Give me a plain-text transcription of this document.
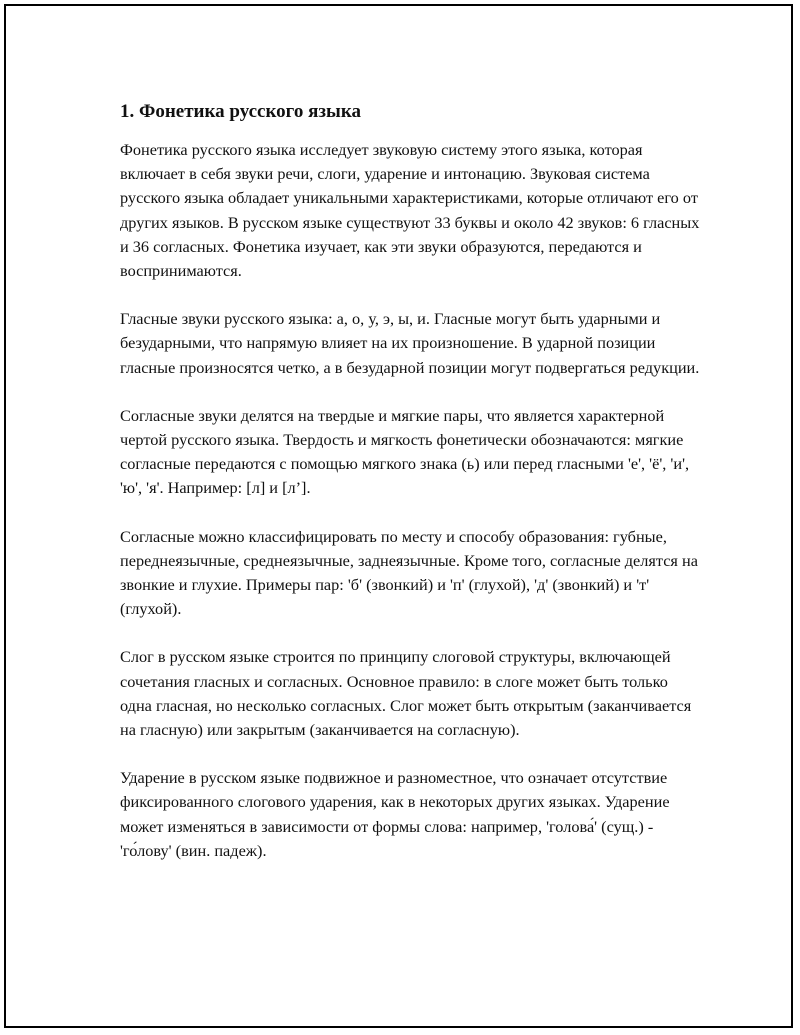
1. Фонетика русского языка

Фонетика русского языка исследует звуковую систему этого языка, которая включает в себя звуки речи, слоги, ударение и интонацию. Звуковая система русского языка обладает уникальными характеристиками, которые отличают его от других языков. В русском языке существуют 33 буквы и около 42 звуков: 6 гласных и 36 согласных. Фонетика изучает, как эти звуки образуются, передаются и воспринимаются.

Гласные звуки русского языка: а, о, у, э, ы, и. Гласные могут быть ударными и безударными, что напрямую влияет на их произношение. В ударной позиции гласные произносятся четко, а в безударной позиции могут подвергаться редукции.

Согласные звуки делятся на твердые и мягкие пары, что является характерной чертой русского языка. Твердость и мягкость фонетически обозначаются: мягкие согласные передаются с помощью мягкого знака (ь) или перед гласными 'е', 'ё', 'и', 'ю', 'я'. Например: [л] и [л’].

Согласные можно классифицировать по месту и способу образования: губные, переднеязычные, среднеязычные, заднеязычные. Кроме того, согласные делятся на звонкие и глухие. Примеры пар: 'б' (звонкий) и 'п' (глухой), 'д' (звонкий) и 'т' (глухой).

Слог в русском языке строится по принципу слоговой структуры, включающей сочетания гласных и согласных. Основное правило: в слоге может быть только одна гласная, но несколько согласных. Слог может быть открытым (заканчивается на гласную) или закрытым (заканчивается на согласную).

Ударение в русском языке подвижное и разноместное, что означает отсутствие фиксированного слогового ударения, как в некоторых других языках. Ударение может изменяться в зависимости от формы слова: например, 'голова́' (сущ.) - 'го́лову' (вин. падеж).
